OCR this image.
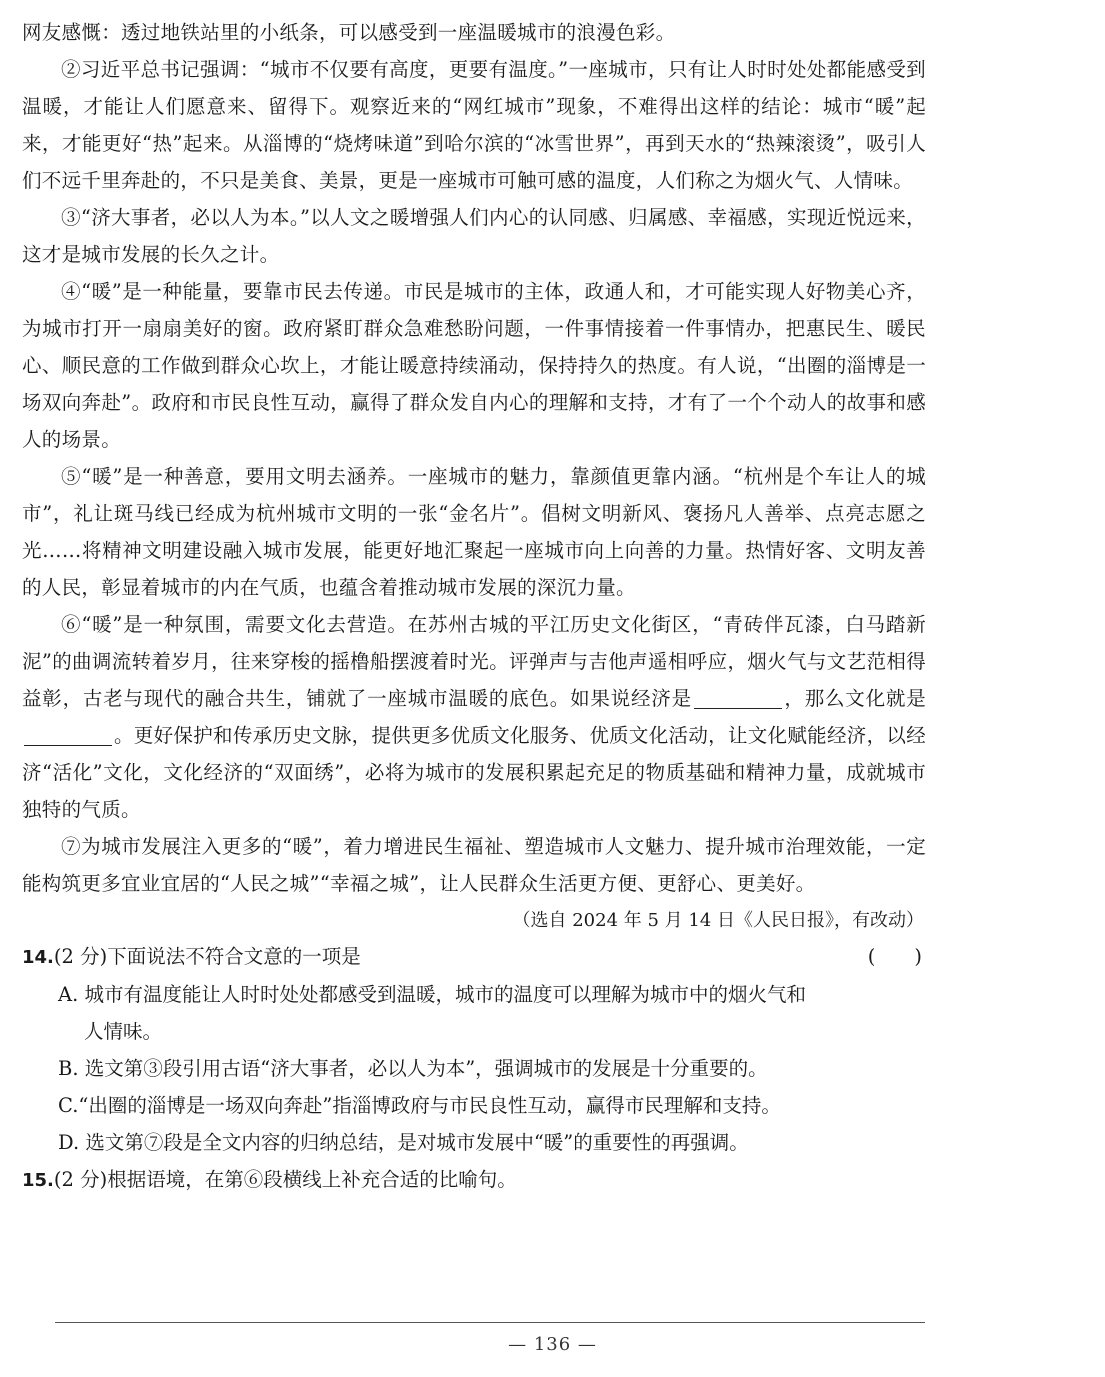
网友感慨：透过地铁站里的小纸条，可以感受到一座温暖城市的浪漫色彩。

②习近平总书记强调：“城市不仅要有高度，更要有温度。”一座城市，只有让人时时处处都能感受到温暖，才能让人们愿意来、留得下。观察近来的“网红城市”现象，不难得出这样的结论：城市“暖”起来，才能更好“热”起来。从淄博的“烧烤味道”到哈尔滨的“冰雪世界”，再到天水的“热辣滚烫”，吸引人们不远千里奔赴的，不只是美食、美景，更是一座城市可触可感的温度，人们称之为烟火气、人情味。

③“济大事者，必以人为本。”以人文之暖增强人们内心的认同感、归属感、幸福感，实现近悦远来，这才是城市发展的长久之计。

④“暖”是一种能量，要靠市民去传递。市民是城市的主体，政通人和，才可能实现人好物美心齐，为城市打开一扇扇美好的窗。政府紧盯群众急难愁盼问题，一件事情接着一件事情办，把惠民生、暖民心、顺民意的工作做到群众心坎上，才能让暖意持续涌动，保持持久的热度。有人说，“出圈的淄博是一场双向奔赴”。政府和市民良性互动，赢得了群众发自内心的理解和支持，才有了一个个动人的故事和感人的场景。

⑤“暖”是一种善意，要用文明去涵养。一座城市的魅力，靠颜值更靠内涵。“杭州是个车让人的城市”，礼让斑马线已经成为杭州城市文明的一张“金名片”。倡树文明新风、褒扬凡人善举、点亮志愿之光……将精神文明建设融入城市发展，能更好地汇聚起一座城市向上向善的力量。热情好客、文明友善的人民，彰显着城市的内在气质，也蕴含着推动城市发展的深沉力量。

⑥“暖”是一种氛围，需要文化去营造。在苏州古城的平江历史文化街区，“青砖伴瓦漆，白马踏新泥”的曲调流转着岁月，往来穿梭的摇橹船摆渡着时光。评弹声与吉他声遥相呼应，烟火气与文艺范相得益彰，古老与现代的融合共生，铺就了一座城市温暖的底色。如果说经济是	，那么文化就是。更好保护和传承历史文脉，提供更多优质文化服务、优质文化活动，让文化赋能经济，以经济“活化”文化，文化经济的“双面绣”，必将为城市的发展积累起充足的物质基础和精神力量，成就城市独特的气质。

⑦为城市发展注入更多的“暖”，着力增进民生福祉、塑造城市人文魅力、提升城市治理效能，一定能构筑更多宜业宜居的“人民之城”“幸福之城”，让人民群众生活更方便、更舒心、更美好。

（选自 2024 年 5 月 14 日《人民日报》，有改动）

14.(2 分)下面说法不符合文意的一项是	(　　)

A. 城市有温度能让人时时处处都感受到温暖，城市的温度可以理解为城市中的烟火气和

人情味。

B. 选文第③段引用古语“济大事者，必以人为本”，强调城市的发展是十分重要的。

C.“出圈的淄博是一场双向奔赴”指淄博政府与市民良性互动，赢得市民理解和支持。

D. 选文第⑦段是全文内容的归纳总结，是对城市发展中“暖”的重要性的再强调。

15.(2 分)根据语境，在第⑥段横线上补充合适的比喻句。

— 136 —
